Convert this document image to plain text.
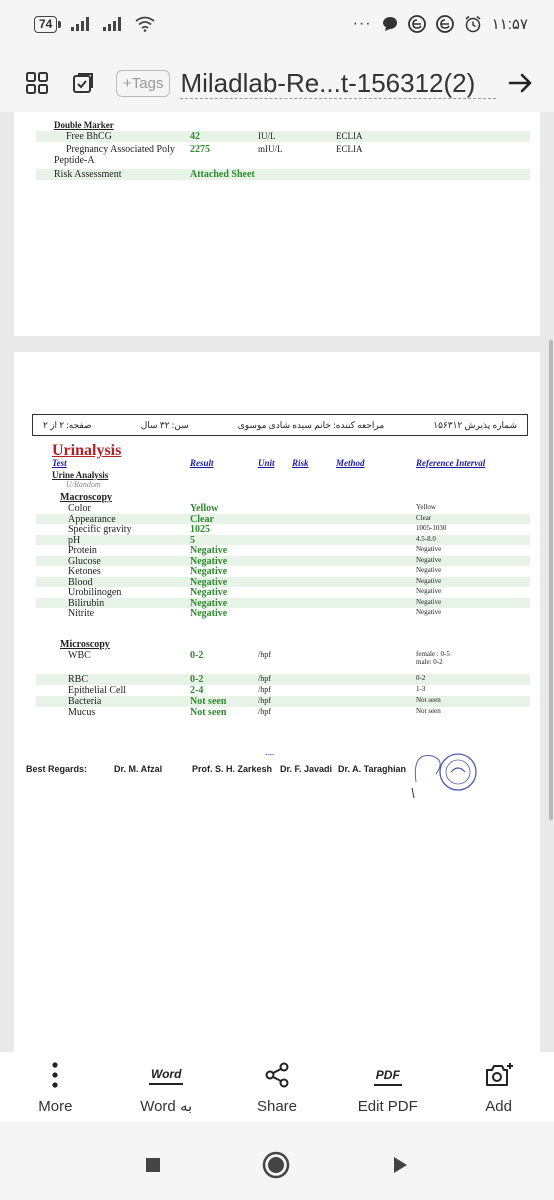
74	···	۱۱:۵۷
+Tags Miladlab-Re...t-156312(2)
Double Marker
Free BhCG	42	IU/L	ECLIA
Pregnancy Associated Poly
Peptide-A
2275	mIU/L	ECLIA
Risk Assessment	Attached Sheet
صفحه: ۲ از ۲	سن: ۳۲ سال	مراجعه کننده: خانم سیده شادی موسوی	شماره پذیرش ۱۵۶۳۱۲
Urinalysis
Test	Result	Unit Risk	Method	Reference Interval
Urine Analysis
U/Random
Macroscopy
Microscopy
----
Best Regards:	Dr. M. Afzal	Prof. S. H. Zarkesh Dr. F. Javadi Dr. A. Taraghian
Color	Yellow	Yellow
Appearance	Clear	Clear
Specific gravity	1025	1005-1030
pH	5	4.5-8.0
Protein	Negative	Negative
Glucose	Negative	Negative
Ketones	Negative	Negative
Blood	Negative	Negative
Urobilinogen	Negative	Negative
Bilirubin	Negative	Negative
Nitrite	Negative	Negative
WBC	0-2	/hpf	female : 0-5
male: 0-2
RBC	0-2	/hpf	0-2
Epithelial Cell	2-4	/hpf	1-3
Bacteria	Not seen	/hpf	Not seen
Mucus	Not seen	/hpf	Not seen
More
Word
Word به	Share
PDF
Edit PDF	Add
